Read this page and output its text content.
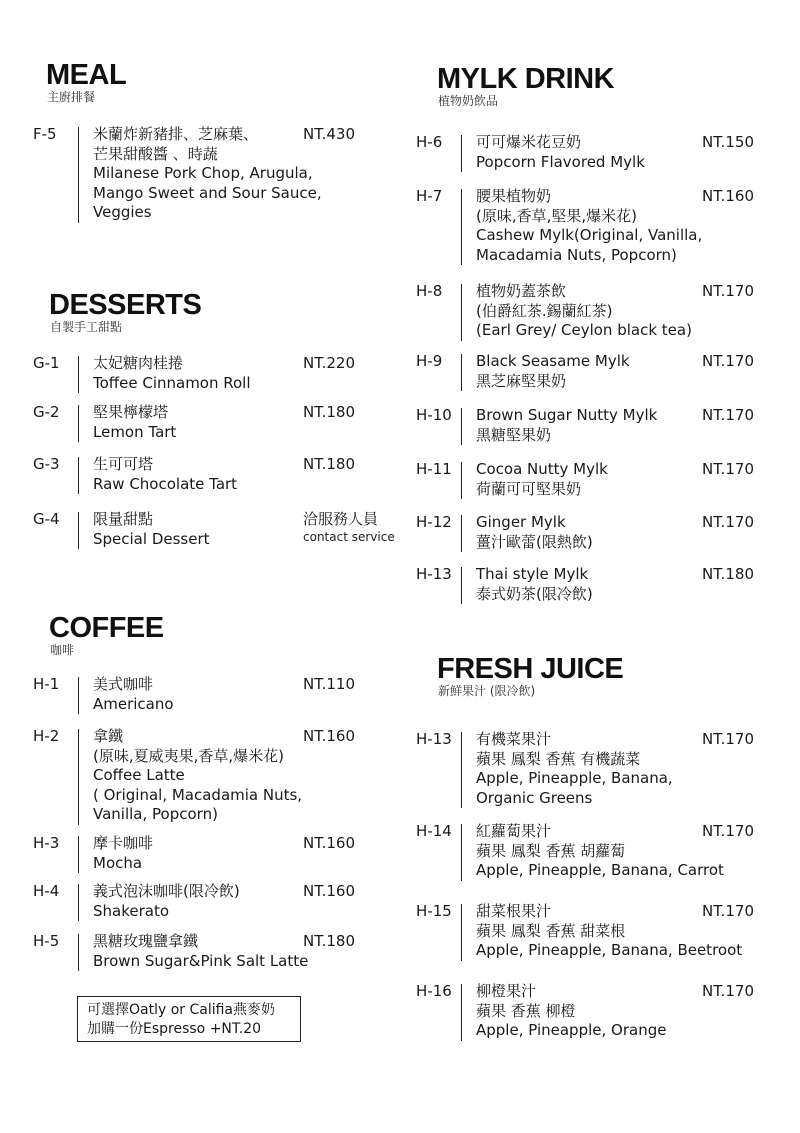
MEAL
主廚排餐
DESSERTS
自製手工甜點
COFFEE
咖啡
MYLK DRINK
植物奶飲品
FRESH JUICE
新鮮果汁 (限冷飲)
F-5	米蘭炸新豬排、芝麻葉、
芒果甜酸醬 、時蔬
Milanese Pork Chop, Arugula,
Mango Sweet and Sour Sauce,
Veggies
NT.430
G-1	太妃糖肉桂捲
Toffee Cinnamon Roll
NT.220
G-2	堅果檸檬塔
Lemon Tart
NT.180
G-3	生可可塔
Raw Chocolate Tart
NT.180
G-4	限量甜點
Special Dessert
洽服務人員
contact service
H-1	美式咖啡
Americano
NT.110
H-2	拿鐵
(原味,夏威夷果,香草,爆米花)
Coffee Latte
( Original, Macadamia Nuts,
Vanilla, Popcorn)
NT.160
H-3	摩卡咖啡
Mocha
NT.160
H-4	義式泡沫咖啡(限冷飲)
Shakerato
NT.160
H-5	黑糖玫瑰鹽拿鐵
Brown Sugar&Pink Salt Latte
NT.180
H-6	可可爆米花豆奶
Popcorn Flavored Mylk
NT.150
H-7	腰果植物奶
(原味,香草,堅果,爆米花)
Cashew Mylk(Original, Vanilla,
Macadamia Nuts, Popcorn)
NT.160
H-8	植物奶蓋茶飲
(伯爵紅茶.錫蘭紅茶)
(Earl Grey/ Ceylon black tea)
NT.170
H-9	Black Seasame Mylk
黑芝麻堅果奶
NT.170
H-10 Brown Sugar Nutty Mylk
黑糖堅果奶
NT.170
H-11 Cocoa Nutty Mylk
荷蘭可可堅果奶
NT.170
H-12 Ginger Mylk
薑汁歐蕾(限熱飲)
NT.170
H-13 Thai style Mylk
泰式奶茶(限冷飲)
NT.180
H-13 有機菜果汁
蘋果 鳳梨 香蕉 有機蔬菜
Apple, Pineapple, Banana,
Organic Greens
NT.170
H-14 紅蘿蔔果汁
蘋果 鳳梨 香蕉 胡蘿蔔
Apple, Pineapple, Banana, Carrot
NT.170
H-15 甜菜根果汁
蘋果 鳳梨 香蕉 甜菜根
Apple, Pineapple, Banana, Beetroot
NT.170
H-16 柳橙果汁
蘋果 香蕉 柳橙
Apple, Pineapple, Orange
NT.170
可選擇Oatly or Califia燕麥奶
加購一份Espresso +NT.20
